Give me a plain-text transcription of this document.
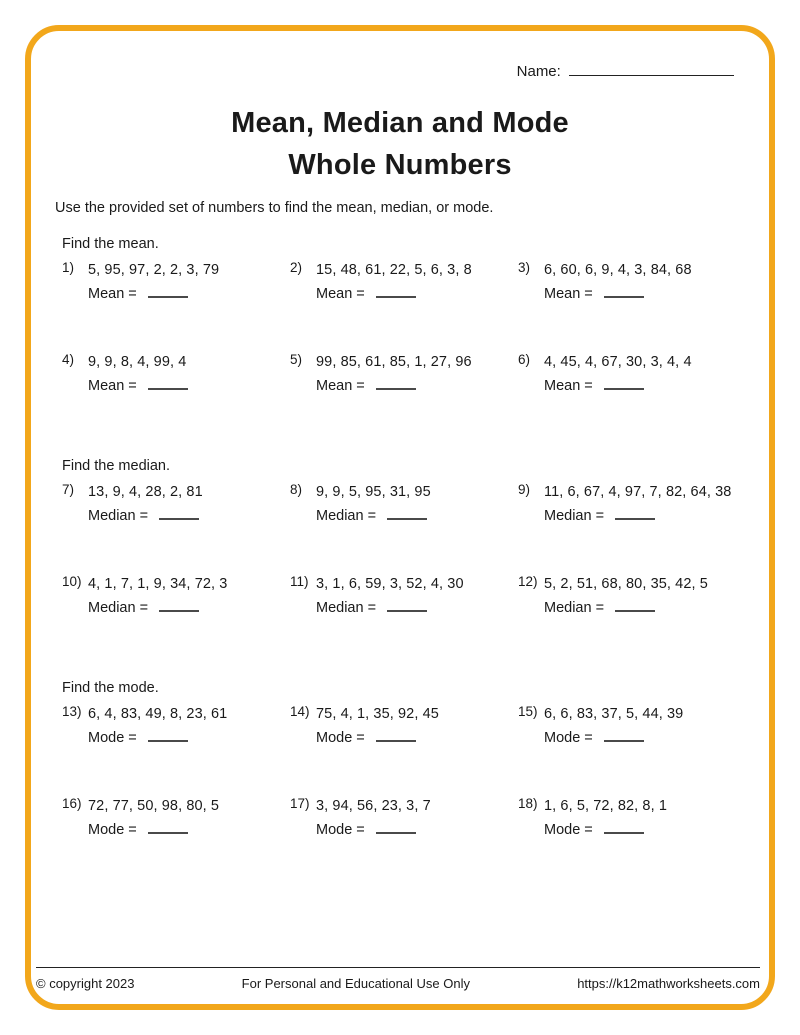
Name:
Mean, Median and Mode
Whole Numbers
Use the provided set of numbers to find the mean, median, or mode.
Find the mean.
1) 5, 95, 97, 2, 2, 3, 79
Mean =
2) 15, 48, 61, 22, 5, 6, 3, 8
Mean =
3) 6, 60, 6, 9, 4, 3, 84, 68
Mean =
4) 9, 9, 8, 4, 99, 4
Mean =
5) 99, 85, 61, 85, 1, 27, 96
Mean =
6) 4, 45, 4, 67, 30, 3, 4, 4
Mean =
Find the median.
7) 13, 9, 4, 28, 2, 81
Median =
8) 9, 9, 5, 95, 31, 95
Median =
9) 11, 6, 67, 4, 97, 7, 82, 64, 38
Median =
10) 4, 1, 7, 1, 9, 34, 72, 3
Median =
11) 3, 1, 6, 59, 3, 52, 4, 30
Median =
12) 5, 2, 51, 68, 80, 35, 42, 5
Median =
Find the mode.
13) 6, 4, 83, 49, 8, 23, 61
Mode =
14) 75, 4, 1, 35, 92, 45
Mode =
15) 6, 6, 83, 37, 5, 44, 39
Mode =
16) 72, 77, 50, 98, 80, 5
Mode =
17) 3, 94, 56, 23, 3, 7
Mode =
18) 1, 6, 5, 72, 82, 8, 1
Mode =
© copyright 2023	For Personal and Educational Use Only	https://k12mathworksheets.com
